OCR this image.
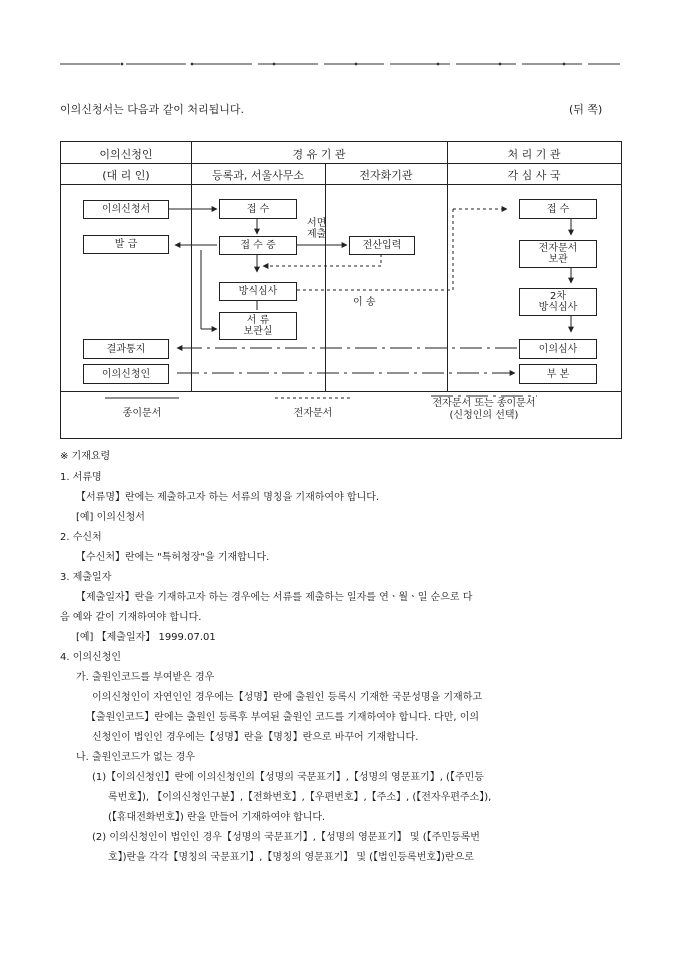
이의신청서는 다음과 같이 처리됩니다.	(뒤 쪽)
이의신청인
(대 리 인)
경 유 기 관
등록과, 서울사무소	전자화기관
처 리 기 관
각 심 사 국
이의신청서
발 급
접 수
접 수 증
서면
제출
전산입력
방식심사
이 송
서 류
보관실
결과통지
이의신청인
접 수
전자문서
보관
2차
방식심사
이의심사
부 본
종이문서	전자문서
전자문서 또는 종이문서
(신청인의 선택)
※ 기재요령
1. 서류명
【서류명】란에는 제출하고자 하는 서류의 명칭을 기재하여야 합니다.
[예] 이의신청서
2. 수신처
【수신처】란에는 "특허청장"을 기재합니다.
3. 제출일자
【제출일자】란을 기재하고자 하는 경우에는 서류를 제출하는 일자를 연ㆍ월ㆍ일 순으로 다
음 예와 같이 기재하여야 합니다.
[예] 【제출일자】 1999.07.01
4. 이의신청인
가. 출원인코드를 부여받은 경우
이의신청인이 자연인인 경우에는【성명】란에 출원인 등록시 기재한 국문성명을 기재하고
【출원인코드】란에는 출원인 등록후 부여된 출원인 코드를 기재하여야 합니다. 다만, 이의
신청인이 법인인 경우에는【성명】란을【명칭】란으로 바꾸어 기재합니다.
나. 출원인코드가 없는 경우
(1)【이의신청인】란에 이의신청인의【성명의 국문표기】,【성명의 영문표기】, (【주민등
록번호】), 【이의신청인구분】,【전화번호】,【우편번호】,【주소】, (【전자우편주소】),
(【휴대전화번호】) 란을 만들어 기재하여야 합니다.
(2) 이의신청인이 법인인 경우【성명의 국문표기】,【성명의 영문표기】 및 (【주민등록번
호】)란을 각각【명칭의 국문표기】,【명칭의 영문표기】 및 (【법인등록번호】)란으로
